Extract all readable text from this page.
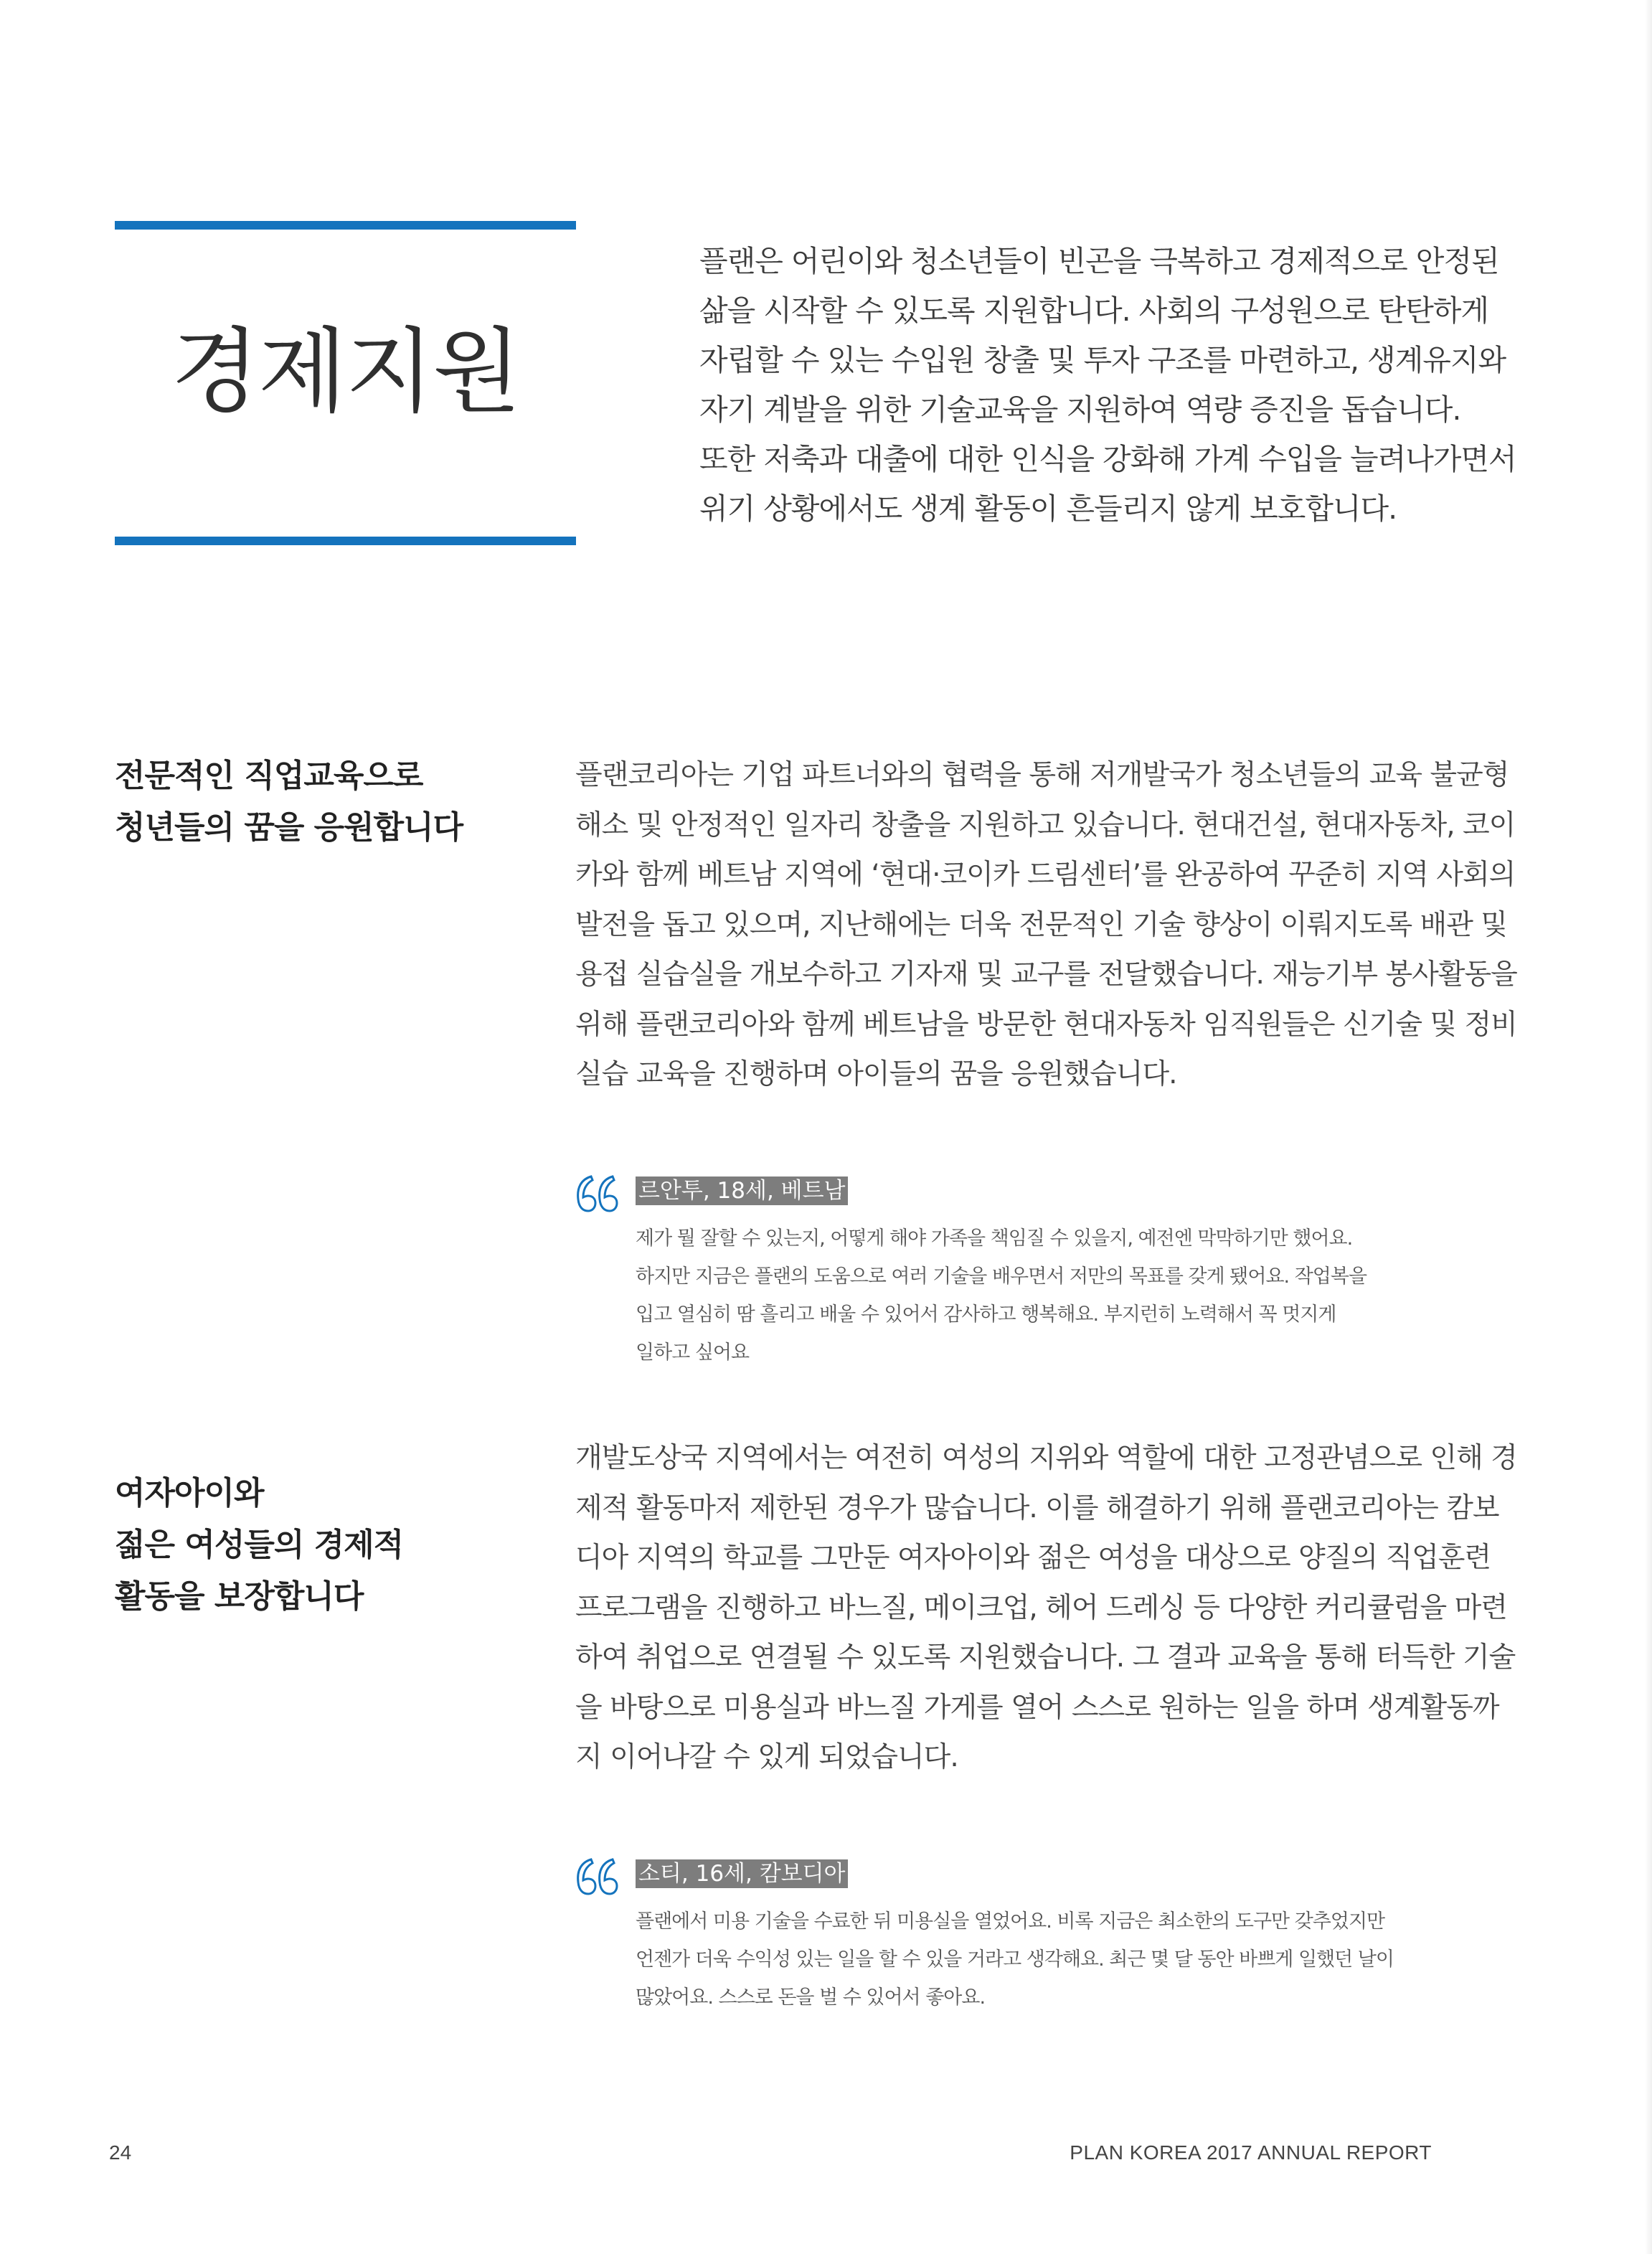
경제지원

플랜은 어린이와 청소년들이 빈곤을 극복하고 경제적으로 안정된
삶을 시작할 수 있도록 지원합니다. 사회의 구성원으로 탄탄하게
자립할 수 있는 수입원 창출 및 투자 구조를 마련하고, 생계유지와
자기 계발을 위한 기술교육을 지원하여 역량 증진을 돕습니다.
또한 저축과 대출에 대한 인식을 강화해 가계 수입을 늘려나가면서
위기 상황에서도 생계 활동이 흔들리지 않게 보호합니다.

전문적인 직업교육으로
청년들의 꿈을 응원합니다

플랜코리아는 기업 파트너와의 협력을 통해 저개발국가 청소년들의 교육 불균형
해소 및 안정적인 일자리 창출을 지원하고 있습니다. 현대건설, 현대자동차, 코이
카와 함께 베트남 지역에 ‘현대·코이카 드림센터’를 완공하여 꾸준히 지역 사회의
발전을 돕고 있으며, 지난해에는 더욱 전문적인 기술 향상이 이뤄지도록 배관 및
용접 실습실을 개보수하고 기자재 및 교구를 전달했습니다. 재능기부 봉사활동을
위해 플랜코리아와 함께 베트남을 방문한 현대자동차 임직원들은 신기술 및 정비
실습 교육을 진행하며 아이들의 꿈을 응원했습니다.

르안투, 18세, 베트남

제가 뭘 잘할 수 있는지, 어떻게 해야 가족을 책임질 수 있을지, 예전엔 막막하기만 했어요.
하지만 지금은 플랜의 도움으로 여러 기술을 배우면서 저만의 목표를 갖게 됐어요. 작업복을
입고 열심히 땀 흘리고 배울 수 있어서 감사하고 행복해요. 부지런히 노력해서 꼭 멋지게
일하고 싶어요

여자아이와
젊은 여성들의 경제적
활동을 보장합니다

개발도상국 지역에서는 여전히 여성의 지위와 역할에 대한 고정관념으로 인해 경
제적 활동마저 제한된 경우가 많습니다. 이를 해결하기 위해 플랜코리아는 캄보
디아 지역의 학교를 그만둔 여자아이와 젊은 여성을 대상으로 양질의 직업훈련
프로그램을 진행하고 바느질, 메이크업, 헤어 드레싱 등 다양한 커리큘럼을 마련
하여 취업으로 연결될 수 있도록 지원했습니다. 그 결과 교육을 통해 터득한 기술
을 바탕으로 미용실과 바느질 가게를 열어 스스로 원하는 일을 하며 생계활동까
지 이어나갈 수 있게 되었습니다.

소티, 16세, 캄보디아

플랜에서 미용 기술을 수료한 뒤 미용실을 열었어요. 비록 지금은 최소한의 도구만 갖추었지만
언젠가 더욱 수익성 있는 일을 할 수 있을 거라고 생각해요. 최근 몇 달 동안 바쁘게 일했던 날이
많았어요. 스스로 돈을 벌 수 있어서 좋아요.

24	PLAN KOREA 2017 ANNUAL REPORT
